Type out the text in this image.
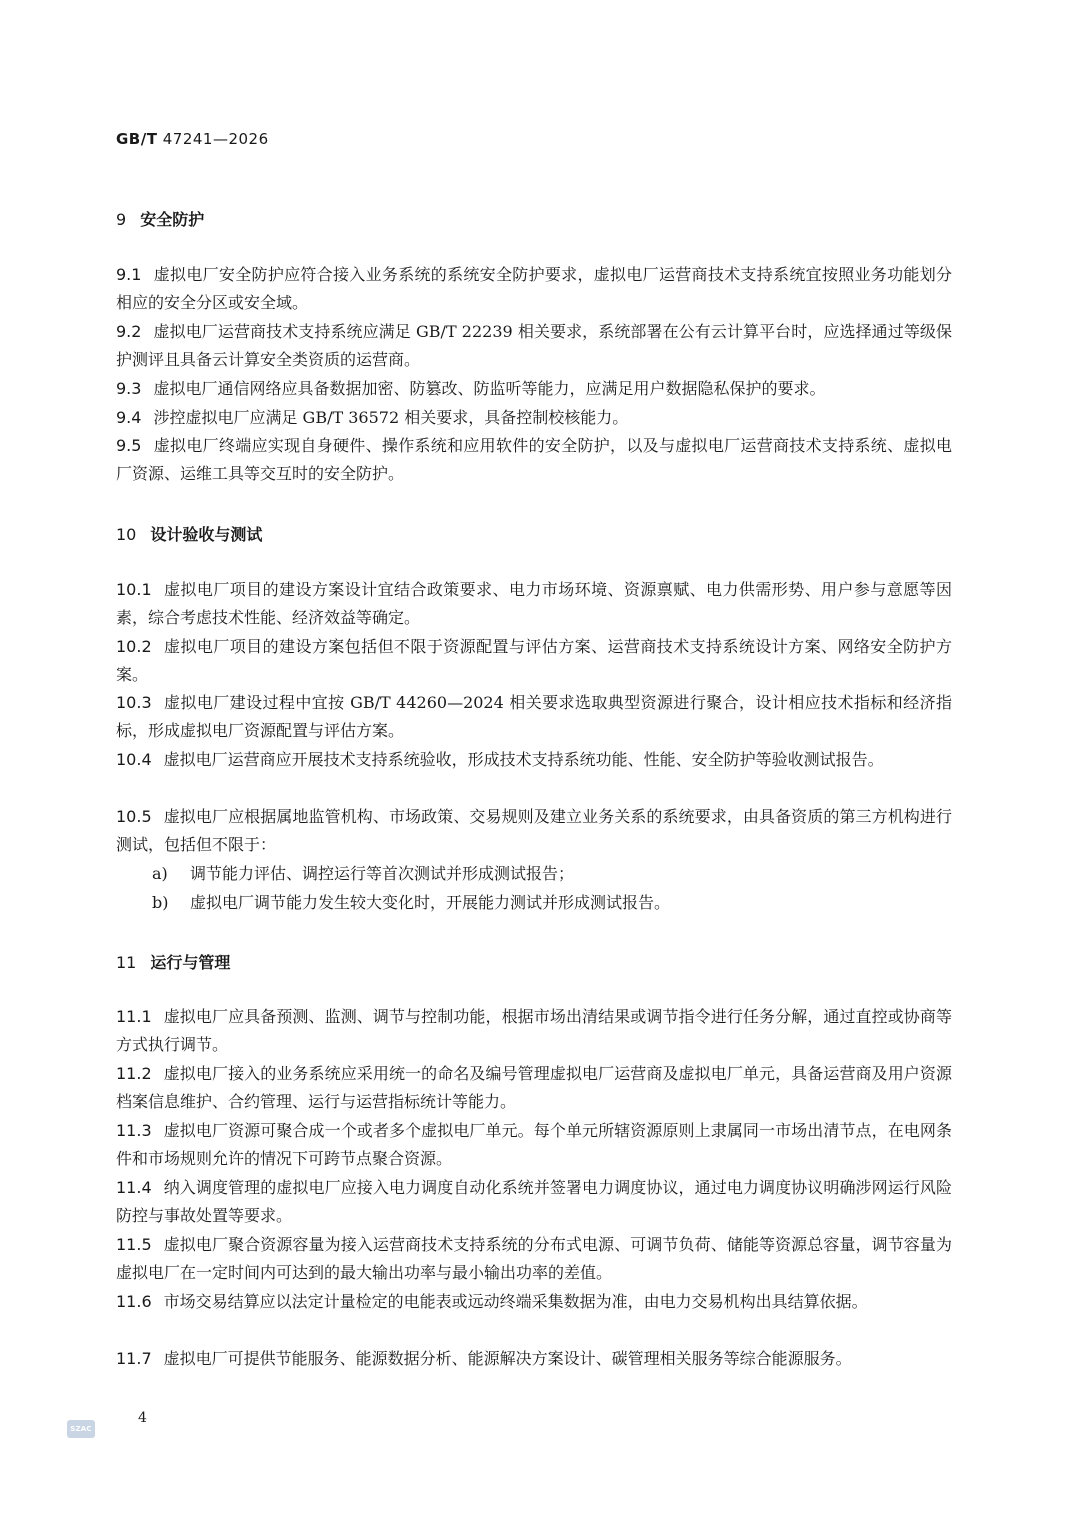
GB/T 47241—2026
9 安全防护

9.1 虚拟电厂安全防护应符合接入业务系统的系统安全防护要求，虚拟电厂运营商技术支持系统宜按照业务功能划分相应的安全分区或安全域。

9.2 虚拟电厂运营商技术支持系统应满足 GB/T 22239 相关要求，系统部署在公有云计算平台时，应选择通过等级保护测评且具备云计算安全类资质的运营商。

9.3 虚拟电厂通信网络应具备数据加密、防篡改、防监听等能力，应满足用户数据隐私保护的要求。

9.4 涉控虚拟电厂应满足 GB/T 36572 相关要求，具备控制校核能力。

9.5 虚拟电厂终端应实现自身硬件、操作系统和应用软件的安全防护，以及与虚拟电厂运营商技术支持系统、虚拟电厂资源、运维工具等交互时的安全防护。

10 设计验收与测试

10.1 虚拟电厂项目的建设方案设计宜结合政策要求、电力市场环境、资源禀赋、电力供需形势、用户参与意愿等因素，综合考虑技术性能、经济效益等确定。

10.2 虚拟电厂项目的建设方案包括但不限于资源配置与评估方案、运营商技术支持系统设计方案、网络安全防护方案。

10.3 虚拟电厂建设过程中宜按 GB/T 44260—2024 相关要求选取典型资源进行聚合，设计相应技术指标和经济指标，形成虚拟电厂资源配置与评估方案。

10.4 虚拟电厂运营商应开展技术支持系统验收，形成技术支持系统功能、性能、安全防护等验收测试报告。

10.5 虚拟电厂应根据属地监管机构、市场政策、交易规则及建立业务关系的系统要求，由具备资质的第三方机构进行测试，包括但不限于：

a) 调节能力评估、调控运行等首次测试并形成测试报告；

b) 虚拟电厂调节能力发生较大变化时，开展能力测试并形成测试报告。

11 运行与管理

11.1 虚拟电厂应具备预测、监测、调节与控制功能，根据市场出清结果或调节指令进行任务分解，通过直控或协商等方式执行调节。

11.2 虚拟电厂接入的业务系统应采用统一的命名及编号管理虚拟电厂运营商及虚拟电厂单元，具备运营商及用户资源档案信息维护、合约管理、运行与运营指标统计等能力。

11.3 虚拟电厂资源可聚合成一个或者多个虚拟电厂单元。每个单元所辖资源原则上隶属同一市场出清节点，在电网条件和市场规则允许的情况下可跨节点聚合资源。

11.4 纳入调度管理的虚拟电厂应接入电力调度自动化系统并签署电力调度协议，通过电力调度协议明确涉网运行风险防控与事故处置等要求。

11.5 虚拟电厂聚合资源容量为接入运营商技术支持系统的分布式电源、可调节负荷、储能等资源总容量，调节容量为虚拟电厂在一定时间内可达到的最大输出功率与最小输出功率的差值。

11.6 市场交易结算应以法定计量检定的电能表或远动终端采集数据为准，由电力交易机构出具结算依据。

11.7 虚拟电厂可提供节能服务、能源数据分析、能源解决方案设计、碳管理相关服务等综合能源服务。

SZAC
4
